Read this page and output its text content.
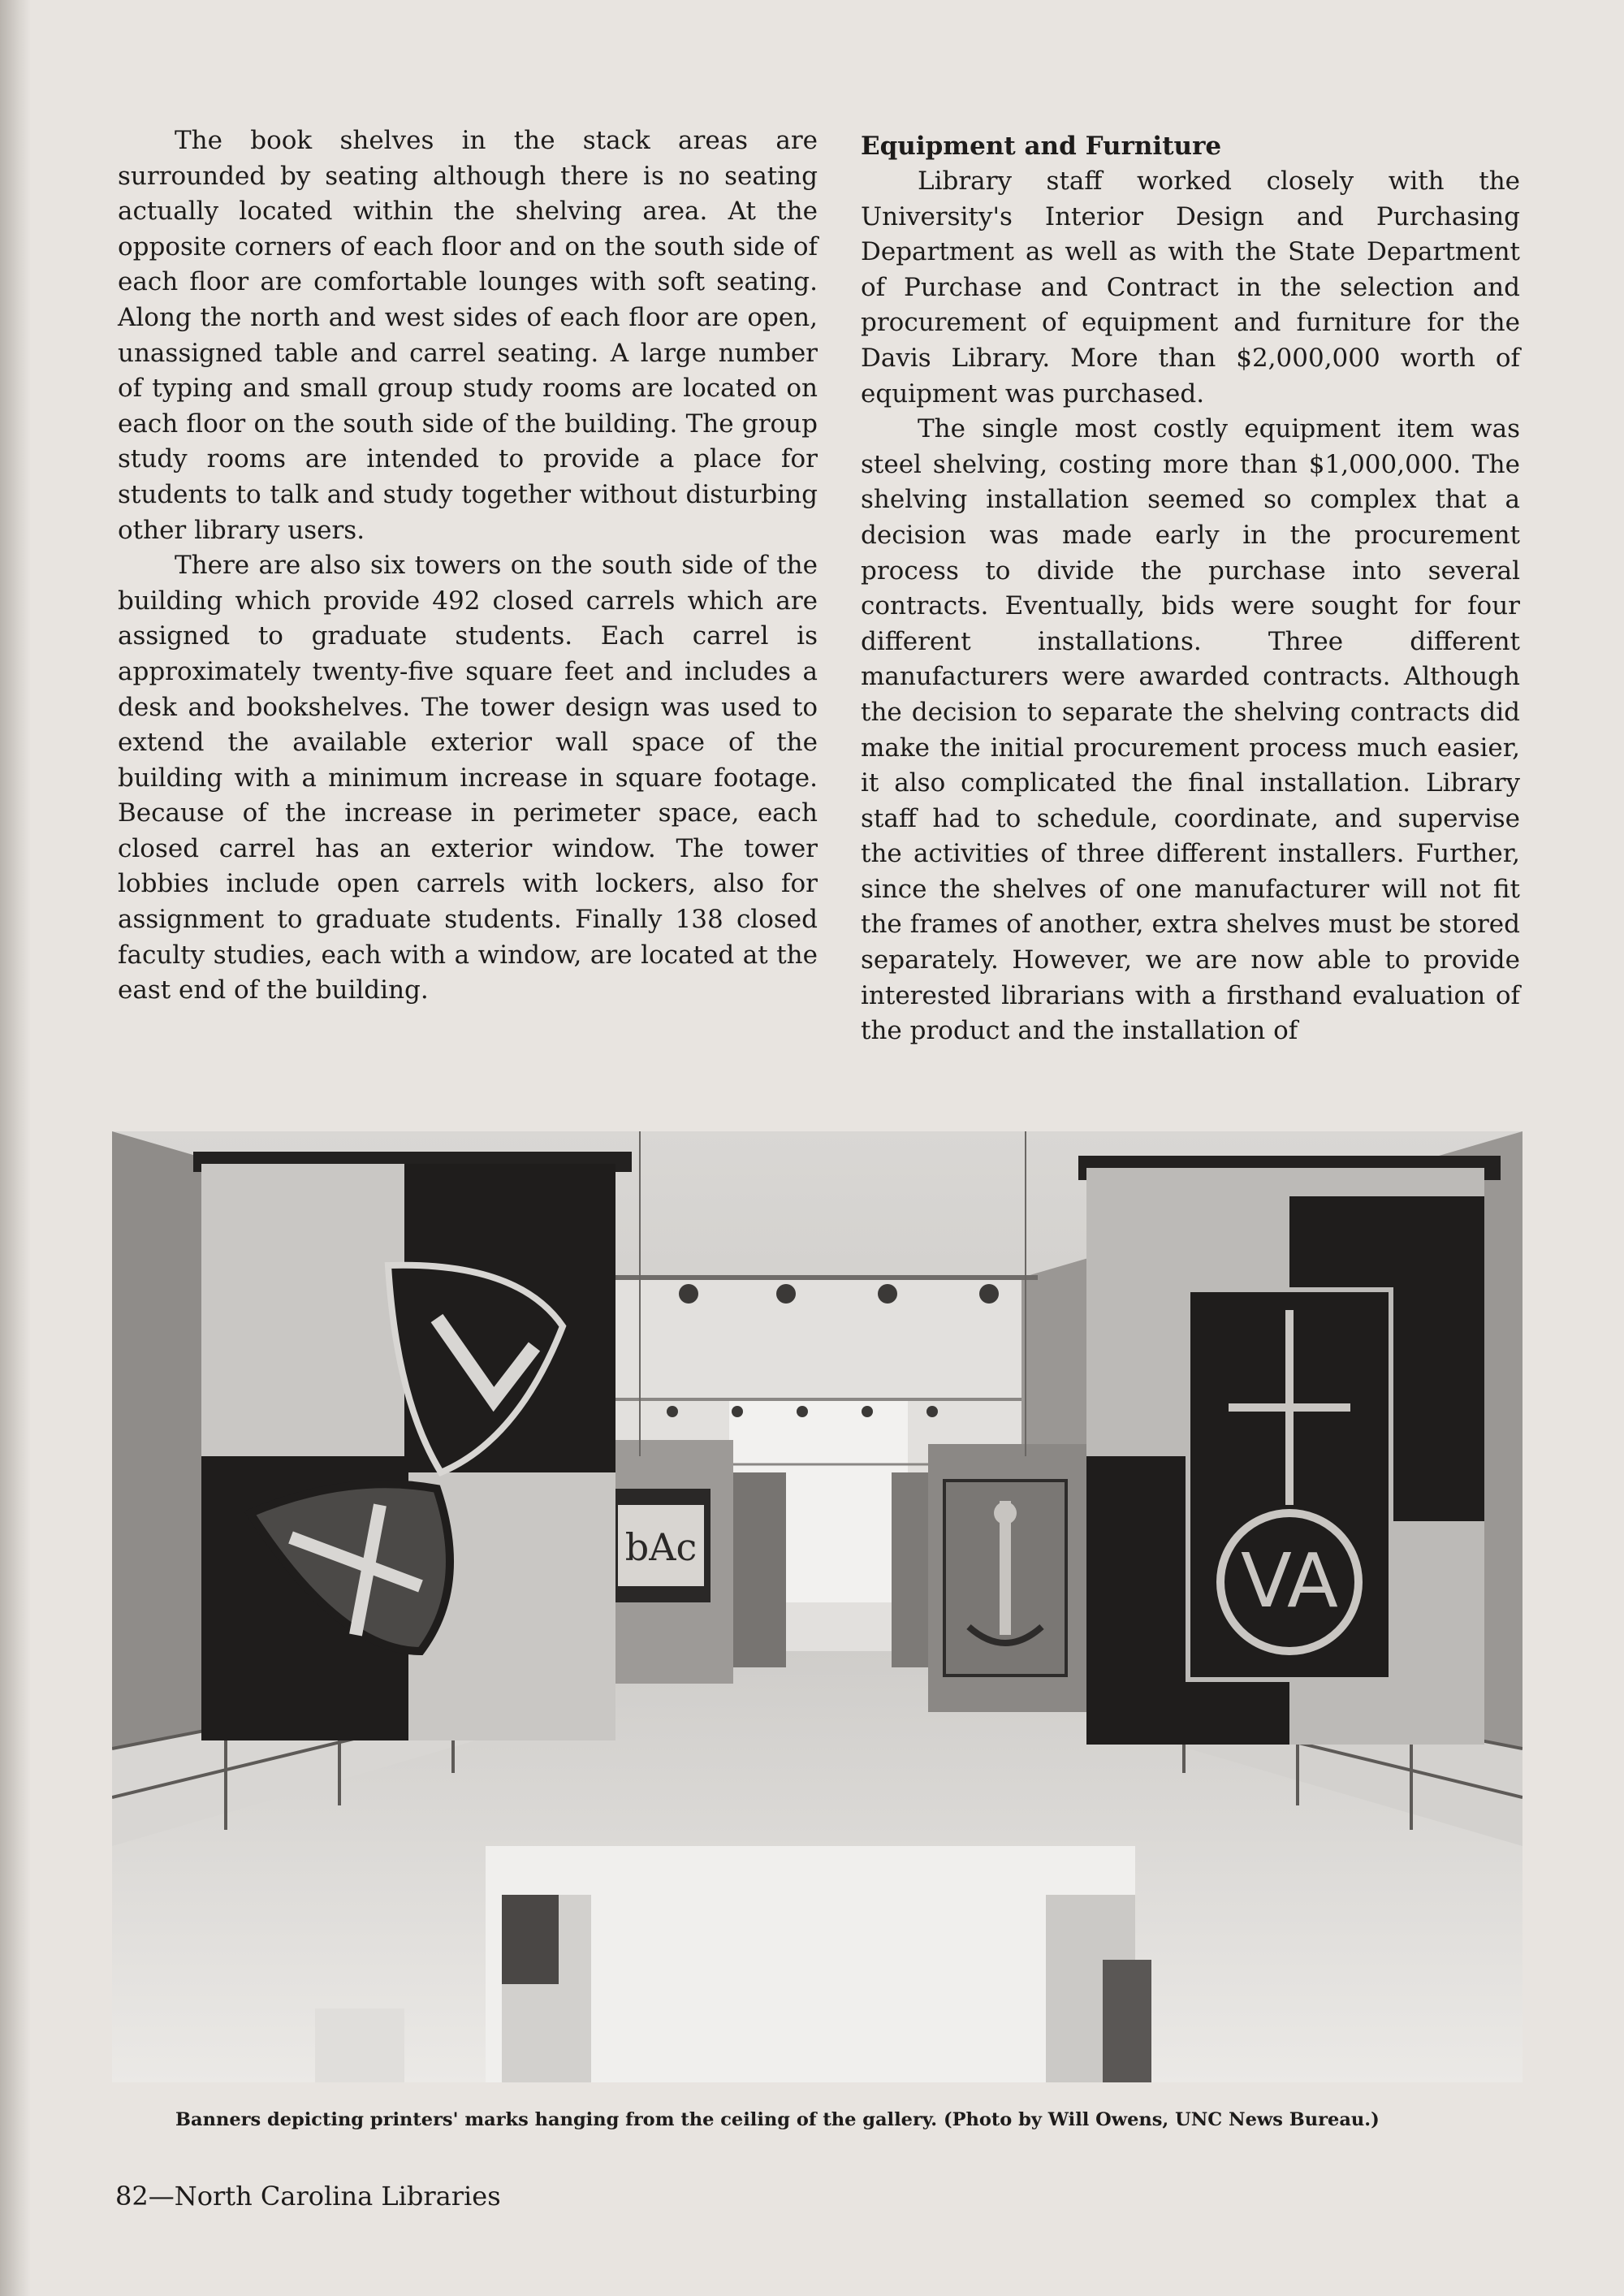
The book shelves in the stack areas are surrounded by seating although there is no seating actually located within the shelving area. At the opposite corners of each floor and on the south side of each floor are comfortable lounges with soft seating. Along the north and west sides of each floor are open, unassigned table and carrel seating. A large number of typing and small group study rooms are located on each floor on the south side of the building. The group study rooms are intended to provide a place for students to talk and study together without disturbing other library users.

There are also six towers on the south side of the building which provide 492 closed carrels which are assigned to graduate students. Each carrel is approximately twenty-five square feet and includes a desk and bookshelves. The tower design was used to extend the available exterior wall space of the building with a minimum increase in square footage. Because of the increase in perimeter space, each closed carrel has an exterior window. The tower lobbies include open carrels with lockers, also for assignment to graduate students. Finally 138 closed faculty studies, each with a window, are located at the east end of the building.

Equipment and Furniture

Library staff worked closely with the University's Interior Design and Purchasing Department as well as with the State Department of Purchase and Contract in the selection and procurement of equipment and furniture for the Davis Library. More than $2,000,000 worth of equipment was purchased.

The single most costly equipment item was steel shelving, costing more than $1,000,000. The shelving installation seemed so complex that a decision was made early in the procurement process to divide the purchase into several contracts. Eventually, bids were sought for four different installations. Three different manufacturers were awarded contracts. Although the decision to separate the shelving contracts did make the initial procurement process much easier, it also complicated the final installation. Library staff had to schedule, coordinate, and supervise the activities of three different installers. Further, since the shelves of one manufacturer will not fit the frames of another, extra shelves must be stored separately. However, we are now able to provide interested librarians with a firsthand evaluation of the product and the installation of

bAc	VA
Banners depicting printers' marks hanging from the ceiling of the gallery. (Photo by Will Owens, UNC News Bureau.)
82—North Carolina Libraries
